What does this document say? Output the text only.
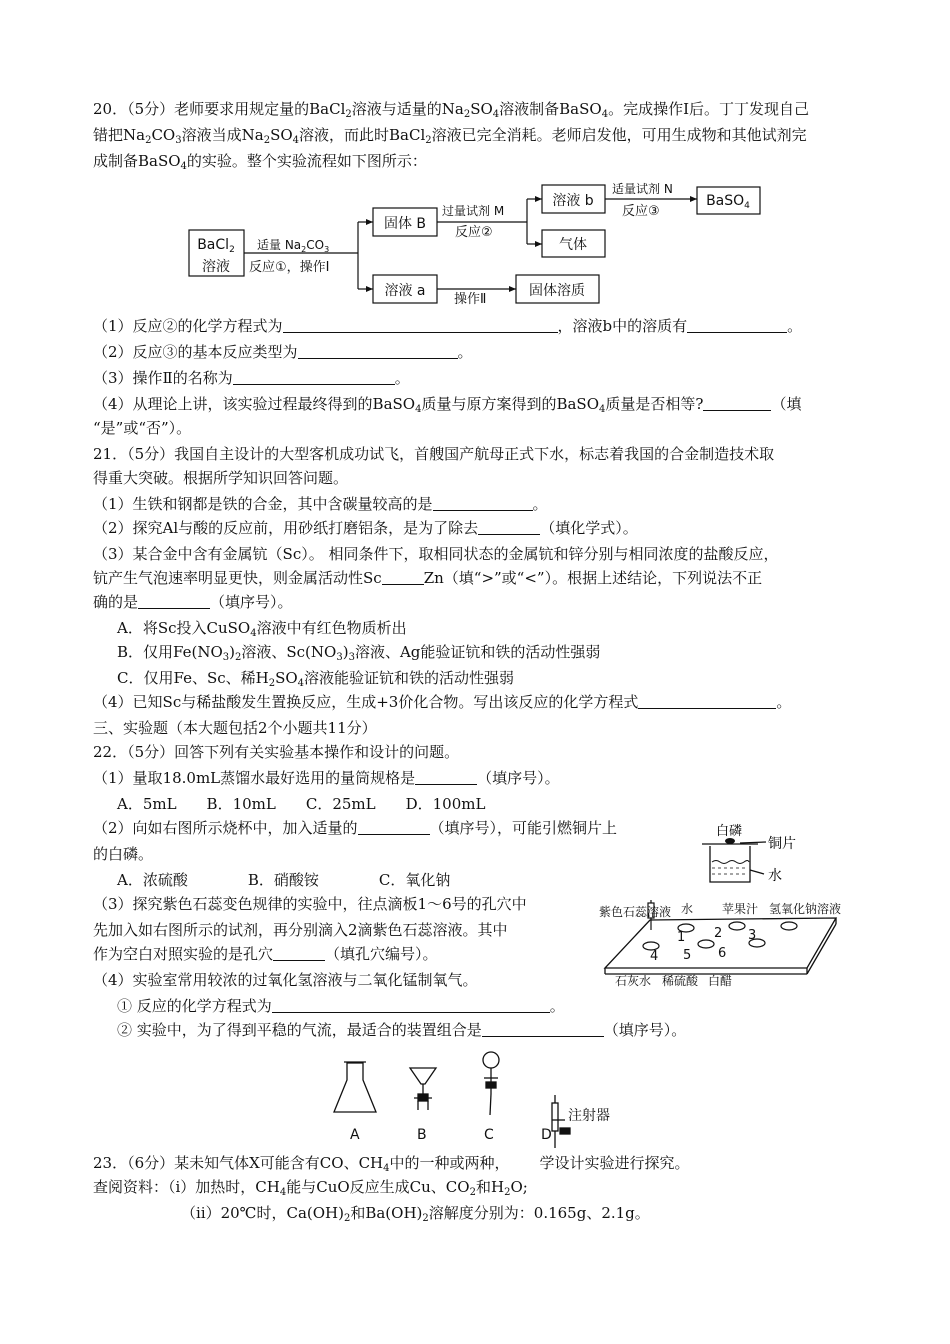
20．（5分）老师要求用规定量的BaCl$_2$溶液与适量的$Na_2SO_4$溶液制备BaSO$_4$。完成操作Ⅰ后。丁丁发现自己
错把$Na_2CO_3$溶液当成$Na_2SO_4$溶液，而此时BaCl$_2$溶液已完全消耗。老师启发他，可用生成物和其他试剂完
成制备BaSO$_4$的实验。整个实验流程如下图所示：
BaCl$_2$
溶液
适量 $Na_2CO_3$
反应①，操作Ⅰ
固体 B
过量试剂 M
反应②
溶液 b
适量试剂 N
反应③
BaSO$_4$
气体
溶液 a
操作Ⅱ
固体溶质
（1）反应②的化学方程式为	，溶液b中的溶质有	。
（2）反应③的基本反应类型为	。
（3）操作Ⅱ的名称为	。
（4）从理论上讲，该实验过程最终得到的BaSO$_4$质量与原方案得到的BaSO$_4$质量是否相等?	（填
“是”或“否”）。
21．（5分）我国自主设计的大型客机成功试飞，首艘国产航母正式下水，标志着我国的合金制造技术取
得重大突破。根据所学知识回答问题。
（1）生铁和钢都是铁的合金，其中含碳量较高的是	。
（2）探究Al与酸的反应前，用砂纸打磨铝条，是为了除去	（填化学式）。
（3）某合金中含有金属钪（Sc）。 相同条件下，取相同状态的金属钪和锌分别与相同浓度的盐酸反应，
钪产生气泡速率明显更快，则金属活动性Sc	Zn（填“>”或“<”）。根据上述结论，下列说法不正
确的是	（填序号）。
A．将Sc投入CuSO$_4$溶液中有红色物质析出
B．仅用$Fe(NO_3)_2$溶液、$Sc(NO_3)_3$溶液、Ag能验证钪和铁的活动性强弱
C．仅用Fe、Sc、稀$H_2SO_4$溶液能验证钪和铁的活动性强弱
（4）已知Sc与稀盐酸发生置换反应，生成+3价化合物。写出该反应的化学方程式	。
三、实验题（本大题包括2个小题共11分）
22．（5分）回答下列有关实验基本操作和设计的问题。
（1）量取18.0mL蒸馏水最好选用的量筒规格是	（填序号）。
A．5mL　　B．10mL　　C．25mL　　D．100mL
（2）向如右图所示烧杯中，加入适量的	（填序号），可能引燃铜片上
的白磷。
A．浓硫酸　　　　B．硝酸铵　　　　C．氧化钠
（3）探究紫色石蕊变色规律的实验中，往点滴板1～6号的孔穴中
先加入如右图所示的试剂，再分别滴入2滴紫色石蕊溶液。其中
作为空白对照实验的是孔穴	（填孔穴编号）。
（4）实验室常用较浓的过氧化氢溶液与二氧化锰制氧气。
① 反应的化学方程式为	。
② 实验中，为了得到平稳的气流，最适合的装置组合是	（填序号）。
白磷
铜片
水
紫色石蕊溶液 水 苹果汁 氢氧化钠溶液
1 2 3
4 5 6
石灰水 稀硫酸 白醋
A	B	C	D
注射器
23．（6分）某未知气体X可能含有CO、$CH_4$中的一种或两种， 学设计实验进行探究。
查阅资料：（ⅰ）加热时，$CH_4$能与CuO反应生成Cu、$CO_2$和$H_2O$;
（ⅱ）20℃时，$Ca(OH)_2$和$Ba(OH)_2$溶解度分别为：0.165g、2.1g。
